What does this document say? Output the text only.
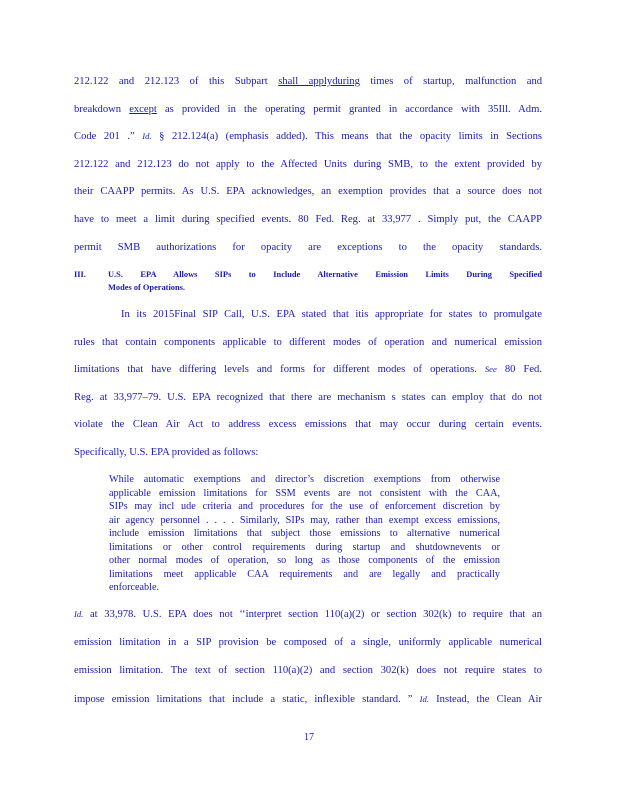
212.122 and 212.123 of this Subpart shall applyduring times of startup, malfunction and
breakdown except as provided in the operating permit granted in accordance with 35Ill. Adm.
Code 201 .” Id. § 212.124(a) (emphasis added). This means that the opacity limits in Sections
212.122 and 212.123 do not apply to the Affected Units during SMB, to the extent provided by
their CAAPP permits. As U.S. EPA acknowledges, an exemption provides that a source does not
have to meet a limit during specified events. 80 Fed. Reg. at 33,977 . Simply put, the CAAPP
permit SMB authorizations for opacity are exceptions to the opacity standards.
III.	U.S. EPA Allows SIPs to Include Alternative Emission Limits During Specified
Modes of Operations.
In its 2015Final SIP Call, U.S. EPA stated that itis appropriate for states to promulgate
rules that contain components applicable to different modes of operation and numerical emission
limitations that have differing levels and forms for different modes of operations. See 80 Fed.
Reg. at 33,977–79. U.S. EPA recognized that there are mechanism s states can employ that do not
violate the Clean Air Act to address excess emissions that may occur during certain events.
Specifically, U.S. EPA provided as follows:
While automatic exemptions and director’s discretion exemptions from otherwise
applicable emission limitations for SSM events are not consistent with the CAA,
SIPs may incl ude criteria and procedures for the use of enforcement discretion by
air agency personnel . . . . Similarly, SIPs may, rather than exempt excess emissions,
include emission limitations that subject those emissions to alternative numerical
limitations or other control requirements during startup and shutdownevents or
other normal modes of operation, so long as those components of the emission
limitations meet applicable CAA requirements and are legally and practically
enforceable.
Id. at 33,978. U.S. EPA does not ‘‘interpret section 110(a)(2) or section 302(k) to require that an
emission limitation in a SIP provision be composed of a single, uniformly applicable numerical
emission limitation. The text of section 110(a)(2) and section 302(k) does not require states to
impose emission limitations that include a static, inflexible standard. ” Id. Instead, the Clean Air
17
